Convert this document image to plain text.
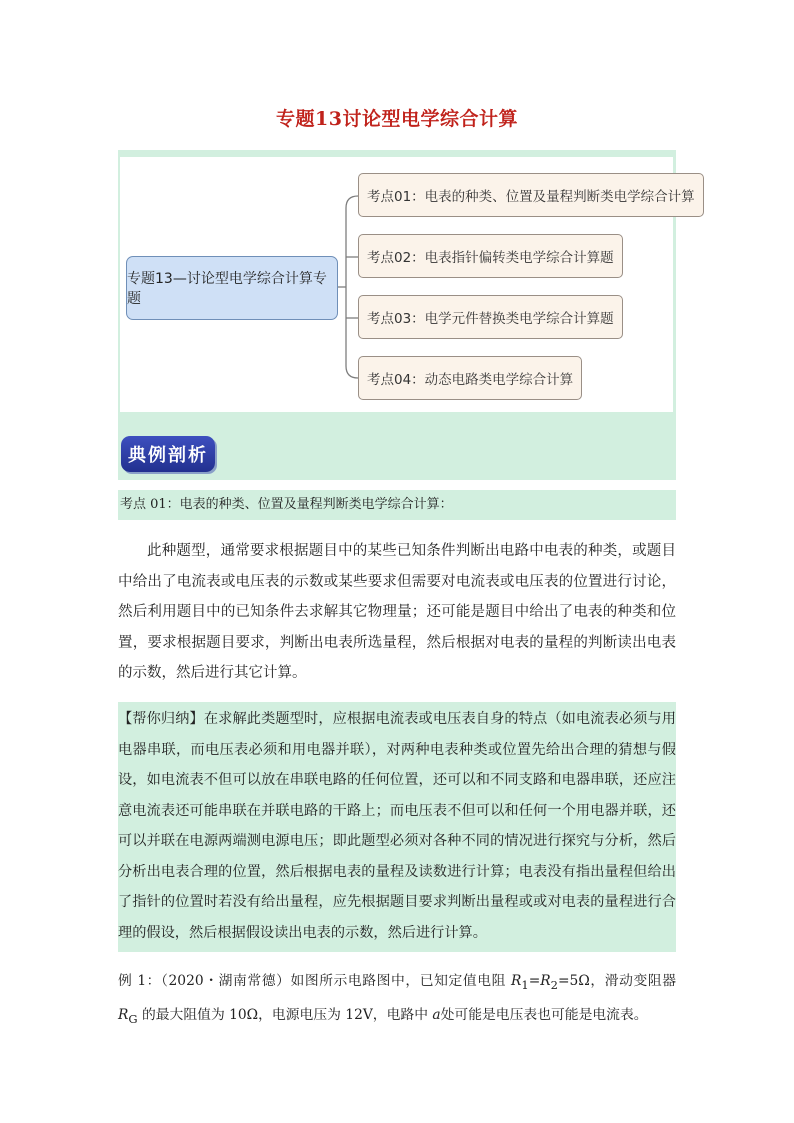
专题13讨论型电学综合计算
专题13—讨论型电学综合计算专题
考点01：电表的种类、位置及量程判断类电学综合计算
考点02：电表指针偏转类电学综合计算题
考点03：电学元件替换类电学综合计算题
考点04：动态电路类电学综合计算
典例剖析
考点 01：电表的种类、位置及量程判断类电学综合计算：

此种题型，通常要求根据题目中的某些已知条件判断出电路中电表的种类，或题目中给出了电流表或电压表的示数或某些要求但需要对电流表或电压表的位置进行讨论，然后利用题目中的已知条件去求解其它物理量；还可能是题目中给出了电表的种类和位置，要求根据题目要求，判断出电表所选量程，然后根据对电表的量程的判断读出电表的示数，然后进行其它计算。

【帮你归纳】在求解此类题型时，应根据电流表或电压表自身的特点（如电流表必须与用电器串联，而电压表必须和用电器并联），对两种电表种类或位置先给出合理的猜想与假设，如电流表不但可以放在串联电路的任何位置，还可以和不同支路和电器串联，还应注意电流表还可能串联在并联电路的干路上；而电压表不但可以和任何一个用电器并联，还可以并联在电源两端测电源电压；即此题型必须对各种不同的情况进行探究与分析，然后分析出电表合理的位置，然后根据电表的量程及读数进行计算；电表没有指出量程但给出了指针的位置时若没有给出量程，应先根据题目要求判断出量程或或对电表的量程进行合理的假设，然后根据假设读出电表的示数，然后进行计算。

例 1：（2020・湖南常德）如图所示电路图中，已知定值电阻 $R_1=R_2=5\Omega$，滑动变阻器 $R_G$ 的最大阻值为 10Ω，电源电压为 12V，电路中 a处可能是电压表也可能是电流表。
